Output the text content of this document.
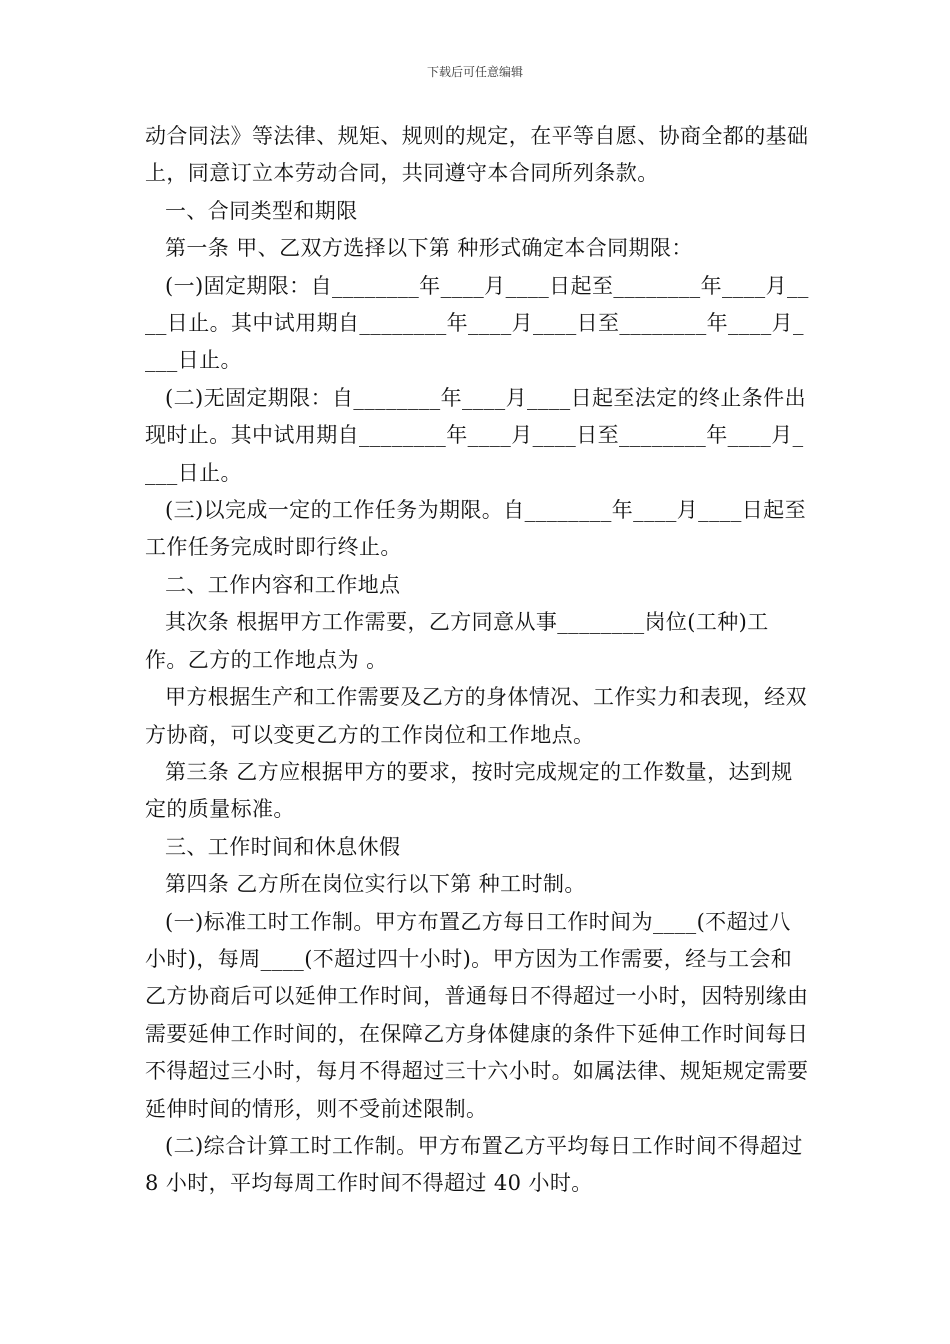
下载后可任意编辑

动合同法》等法律、规矩、规则的规定，在平等自愿、协商全都的基础上，同意订立本劳动合同，共同遵守本合同所列条款。

一、合同类型和期限

第一条 甲、乙双方选择以下第 种形式确定本合同期限：

(一)固定期限：自________年____月____日起至________年____月____日止。其中试用期自________年____月____日至________年____月____日止。

(二)无固定期限：自________年____月____日起至法定的终止条件出现时止。其中试用期自________年____月____日至________年____月____日止。

(三)以完成一定的工作任务为期限。自________年____月____日起至工作任务完成时即行终止。

二、工作内容和工作地点

其次条 根据甲方工作需要，乙方同意从事________岗位(工种)工作。乙方的工作地点为 。

甲方根据生产和工作需要及乙方的身体情况、工作实力和表现，经双方协商，可以变更乙方的工作岗位和工作地点。

第三条 乙方应根据甲方的要求，按时完成规定的工作数量，达到规定的质量标准。

三、工作时间和休息休假

第四条 乙方所在岗位实行以下第 种工时制。

(一)标准工时工作制。甲方布置乙方每日工作时间为____(不超过八小时)，每周____(不超过四十小时)。甲方因为工作需要，经与工会和乙方协商后可以延伸工作时间，普通每日不得超过一小时，因特别缘由需要延伸工作时间的，在保障乙方身体健康的条件下延伸工作时间每日不得超过三小时，每月不得超过三十六小时。如属法律、规矩规定需要延伸时间的情形，则不受前述限制。

(二)综合计算工时工作制。甲方布置乙方平均每日工作时间不得超过 8 小时，平均每周工作时间不得超过 40 小时。
